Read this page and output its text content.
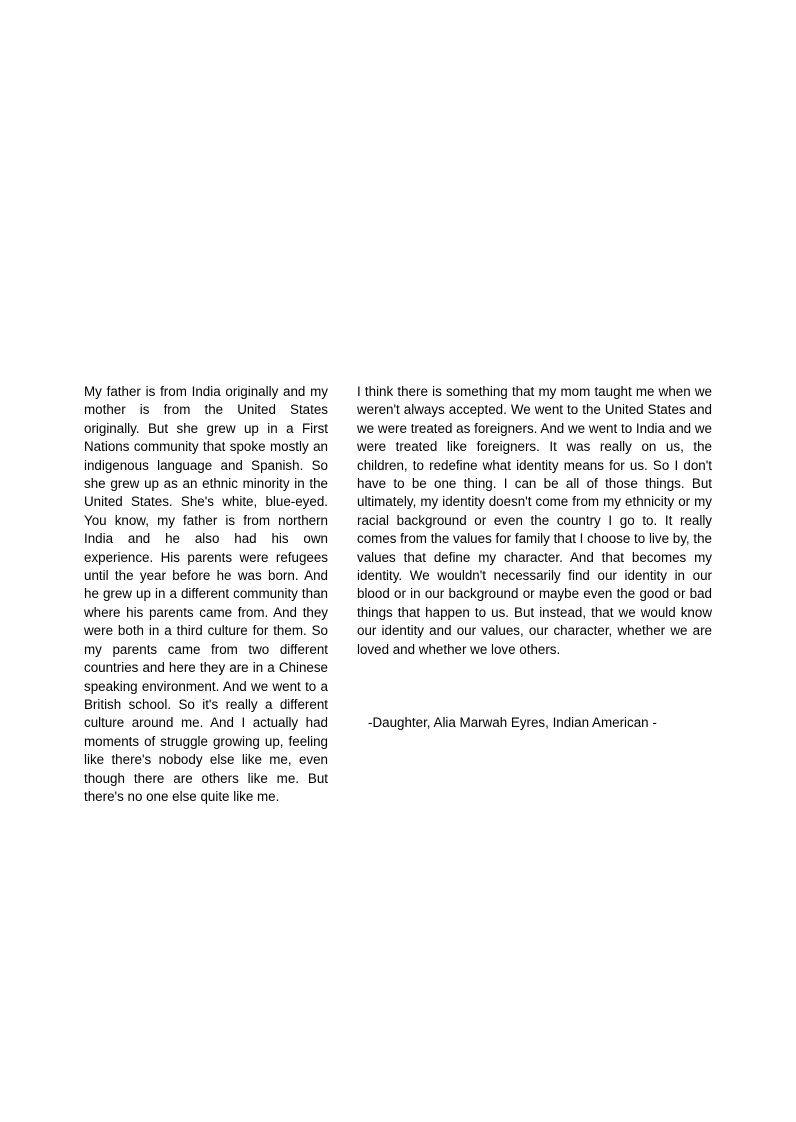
My father is from India originally and my mother is from the United States originally. But she grew up in a First Nations community that spoke mostly an indigenous language and Spanish. So she grew up as an ethnic minority in the United States. She's white, blue-eyed. You know, my father is from northern India and he also had his own experience. His parents were refugees until the year before he was born. And he grew up in a different community than where his parents came from. And they were both in a third culture for them. So my parents came from two different countries and here they are in a Chinese speaking environment. And we went to a British school. So it's really a different culture around me. And I actually had moments of struggle growing up, feeling like there's nobody else like me, even though there are others like me. But there's no one else quite like me.

I think there is something that my mom taught me when we weren't always accepted. We went to the United States and we were treated as foreigners. And we went to India and we were treated like foreigners. It was really on us, the children, to redefine what identity means for us. So I don't have to be one thing. I can be all of those things. But ultimately, my identity doesn't come from my ethnicity or my racial background or even the country I go to. It really comes from the values for family that I choose to live by, the values that define my character. And that becomes my identity. We wouldn't necessarily find our identity in our blood or in our background or maybe even the good or bad things that happen to us. But instead, that we would know our identity and our values, our character, whether we are loved and whether we love others.

-Daughter, Alia Marwah Eyres, Indian American -
